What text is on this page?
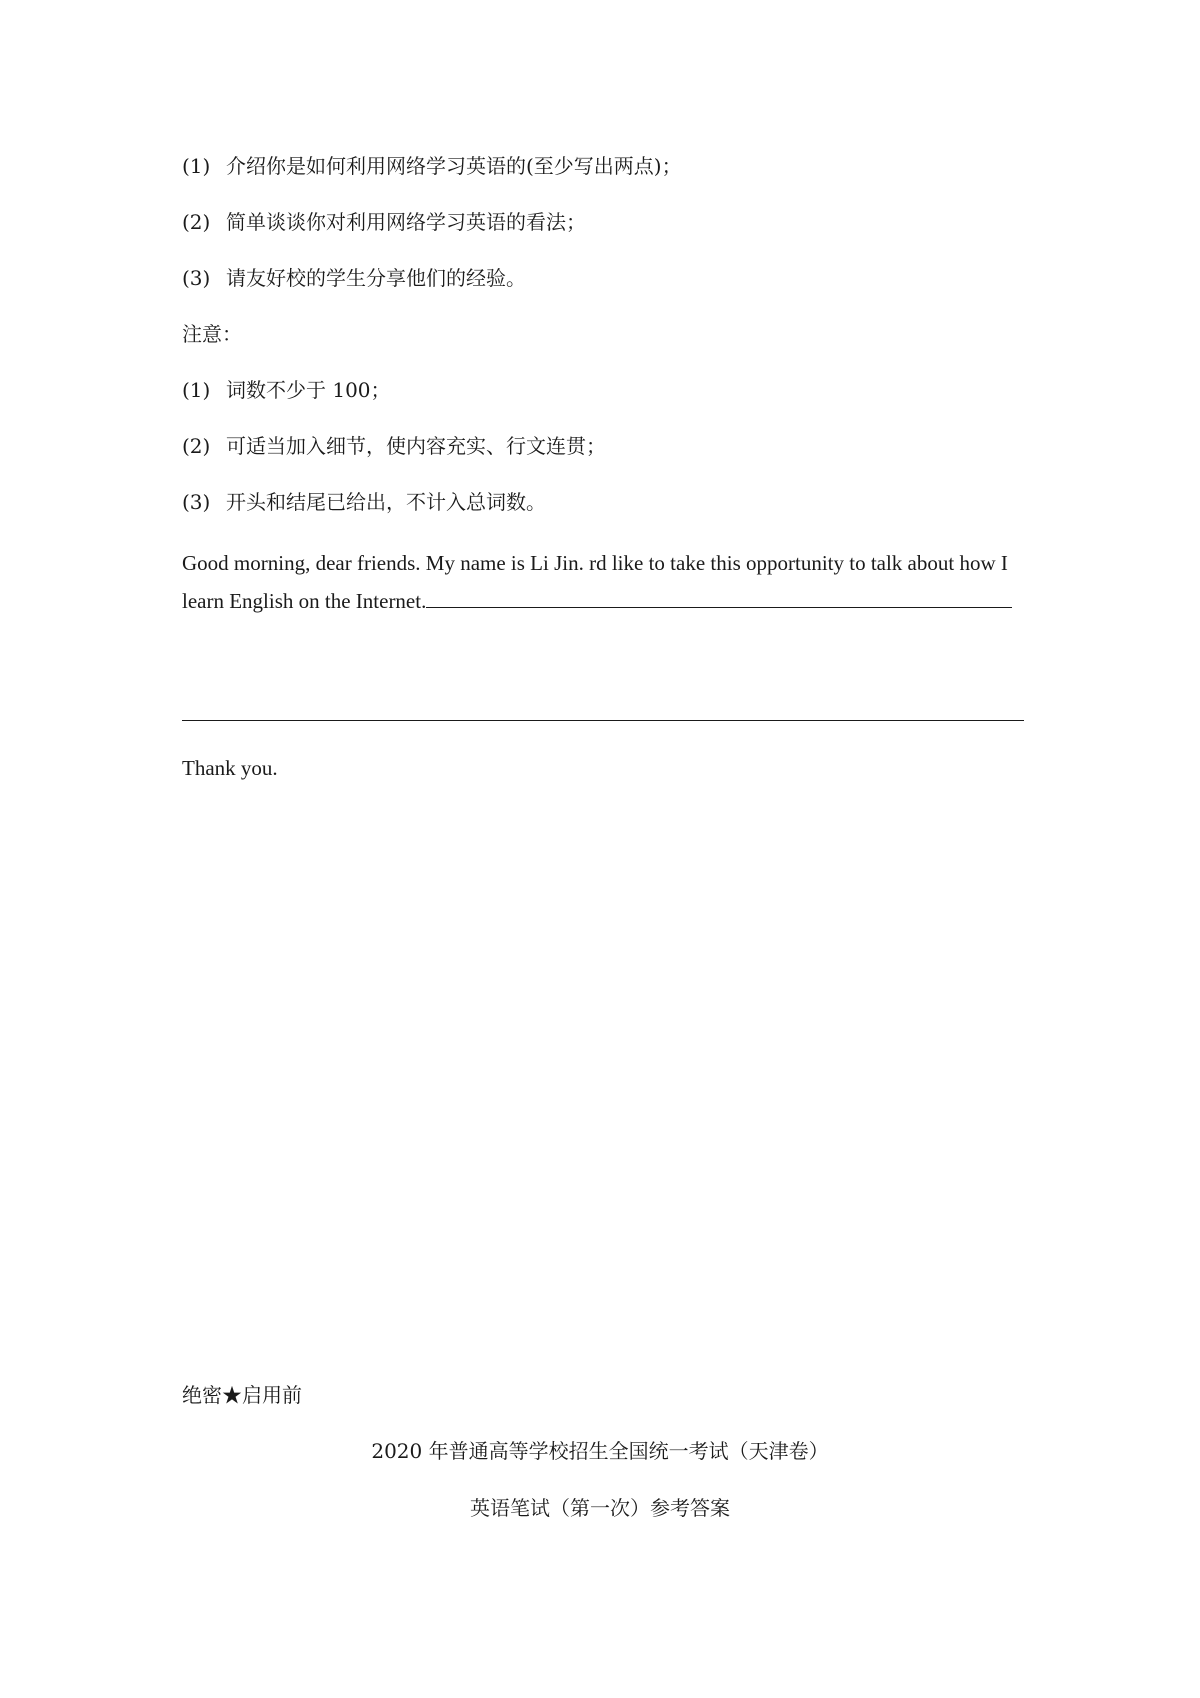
(1) 介绍你是如何利用网络学习英语的(至少写出两点)；
(2) 简单谈谈你对利用网络学习英语的看法；
(3) 请友好校的学生分享他们的经验。
注意：
(1) 词数不少于 100；
(2) 可适当加入细节，使内容充实、行文连贯；
(3) 开头和结尾已给出，不计入总词数。
Good morning, dear friends. My name is Li Jin. rd like to take this opportunity to talk about how I
learn English on the Internet.
Thank you.
绝密★启用前
2020 年普通高等学校招生全国统一考试（天津卷）
英语笔试（第一次）参考答案
